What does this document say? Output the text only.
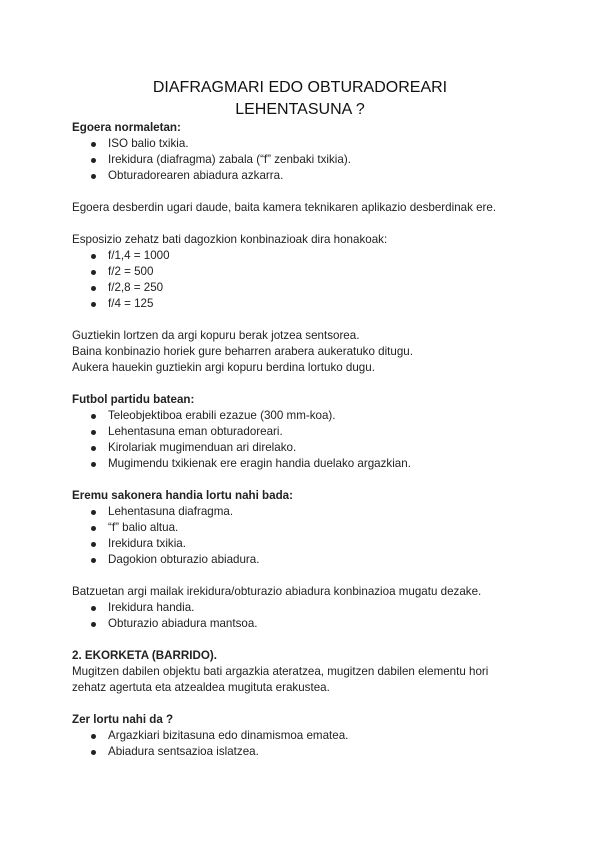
DIAFRAGMARI EDO OBTURADOREARI
LEHENTASUNA ?
Egoera normaletan:
ISO balio txikia.
Irekidura (diafragma) zabala (“f” zenbaki txikia).
Obturadorearen abiadura azkarra.
Egoera desberdin ugari daude, baita kamera teknikaren aplikazio desberdinak ere.
Esposizio zehatz bati dagozkion konbinazioak dira honakoak:
f/1,4 = 1000
f/2 = 500
f/2,8 = 250
f/4 = 125
Guztiekin lortzen da argi kopuru berak jotzea sentsorea.
Baina konbinazio horiek gure beharren arabera aukeratuko ditugu.
Aukera hauekin guztiekin argi kopuru berdina lortuko dugu.
Futbol partidu batean:
Teleobjektiboa erabili ezazue (300 mm-koa).
Lehentasuna eman obturadoreari.
Kirolariak mugimenduan ari direlako.
Mugimendu txikienak ere eragin handia duelako argazkian.
Eremu sakonera handia lortu nahi bada:
Lehentasuna diafragma.
“f” balio altua.
Irekidura txikia.
Dagokion obturazio abiadura.
Batzuetan argi mailak irekidura/obturazio abiadura konbinazioa mugatu dezake.
Irekidura handia.
Obturazio abiadura mantsoa.
2. EKORKETA (BARRIDO).
Mugitzen dabilen objektu bati argazkia ateratzea, mugitzen dabilen elementu hori
zehatz agertuta eta atzealdea mugituta erakustea.
Zer lortu nahi da ?
Argazkiari bizitasuna edo dinamismoa ematea.
Abiadura sentsazioa islatzea.
